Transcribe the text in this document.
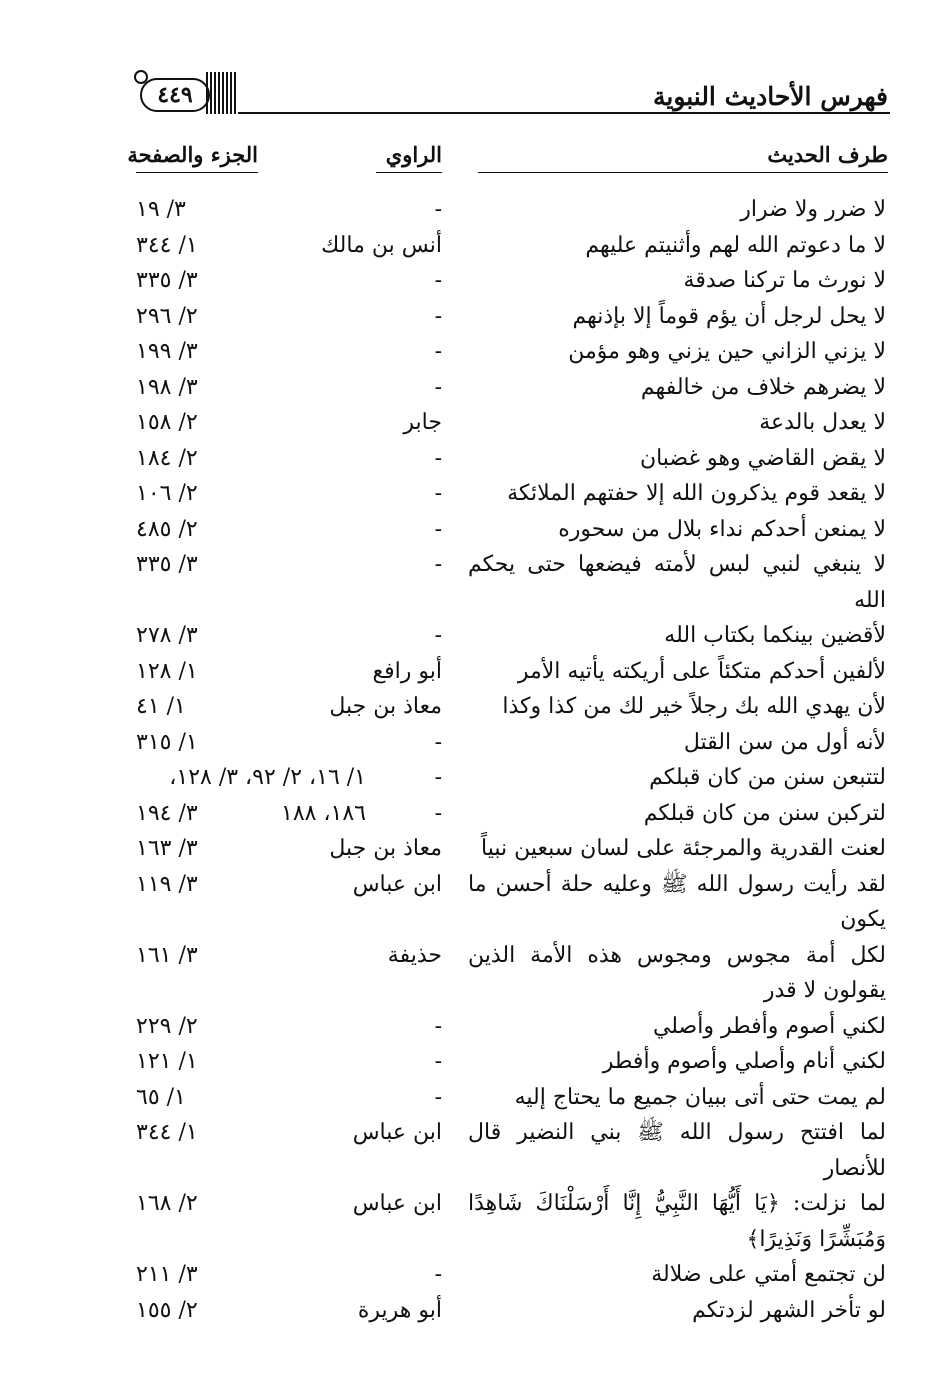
فهرس الأحاديث النبوية
٤٤٩
طرف الحديث
الراوي
الجزء والصفحة
لا ضرر ولا ضرار
-
٣/ ١٩
لا ما دعوتم الله لهم وأثنيتم عليهم
أنس بن مالك
١/ ٣٤٤
لا نورث ما تركنا صدقة
-
٣/ ٣٣٥
لا يحل لرجل أن يؤم قوماً إلا بإذنهم
-
٢/ ٢٩٦
لا يزني الزاني حين يزني وهو مؤمن
-
٣/ ١٩٩
لا يضرهم خلاف من خالفهم
-
٣/ ١٩٨
لا يعدل بالدعة
جابر
٢/ ١٥٨
لا يقض القاضي وهو غضبان
-
٢/ ١٨٤
لا يقعد قوم يذكرون الله إلا حفتهم الملائكة
-
٢/ ١٠٦
لا يمنعن أحدكم نداء بلال من سحوره
-
٢/ ٤٨٥
لا ينبغي لنبي لبس لأمته فيضعها حتى يحكم الله
-
٣/ ٣٣٥
لأقضين بينكما بكتاب الله
-
٣/ ٢٧٨
لألفين أحدكم متكئاً على أريكته يأتيه الأمر
أبو رافع
١/ ١٢٨
لأن يهدي الله بك رجلاً خير لك من كذا وكذا
معاذ بن جبل
١/ ٤١
لأنه أول من سن القتل
-
١/ ٣١٥
لتتبعن سنن من كان قبلكم
-
١/ ١٦، ٢/ ٩٢، ٣/ ١٢٨، ١٨٦، ١٨٨	لتركبن سنن من كان قبلكم
-
٣/ ١٩٤
لعنت القدرية والمرجئة على لسان سبعين نبياً
معاذ بن جبل
٣/ ١٦٣
لقد رأيت رسول الله ﷺ وعليه حلة أحسن ما يكون
ابن عباس
٣/ ١١٩
لكل أمة مجوس ومجوس هذه الأمة الذين يقولون لا قدر
حذيفة
٣/ ١٦١
لكني أصوم وأفطر وأصلي
-
٢/ ٢٢٩
لكني أنام وأصلي وأصوم وأفطر
-
١/ ١٢١
لم يمت حتى أتى ببيان جميع ما يحتاج إليه
-
١/ ٦٥
لما افتتح رسول الله ﷺ بني النضير قال للأنصار
ابن عباس
١/ ٣٤٤
لما نزلت: ﴿يَا أَيُّهَا النَّبِيُّ إِنَّا أَرْسَلْنَاكَ شَاهِدًا وَمُبَشِّرًا وَنَذِيرًا﴾
ابن عباس
٢/ ١٦٨
لن تجتمع أمتي على ضلالة
-
٣/ ٢١١
لو تأخر الشهر لزدتكم
أبو هريرة
٢/ ١٥٥
